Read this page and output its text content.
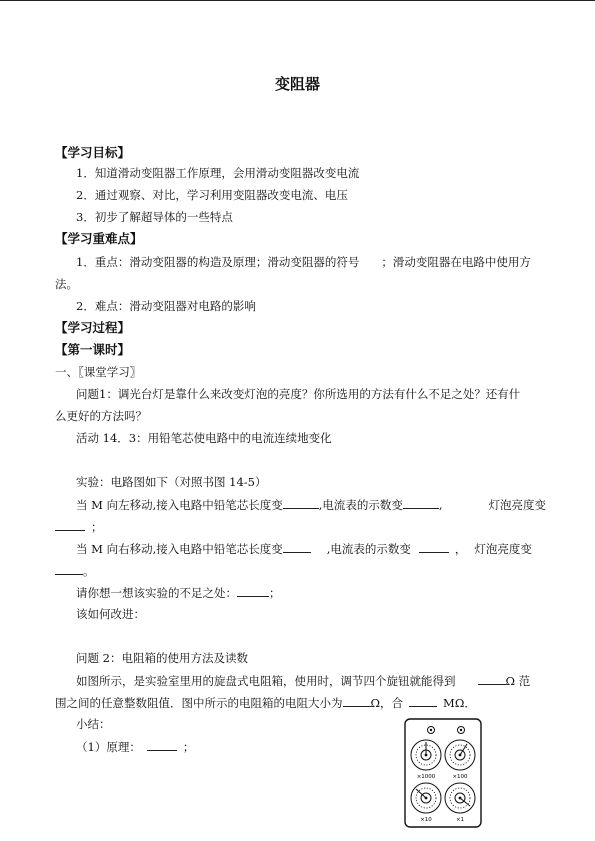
变阻器
【学习目标】
1．知道滑动变阻器工作原理，会用滑动变阻器改变电流
2．通过观察、对比，学习利用变阻器改变电流、电压
3．初步了解超导体的一些特点
【学习重难点】
1．重点：滑动变阻器的构造及原理；滑动变阻器的符号 ；滑动变阻器在电路中使用方
法。
2．难点：滑动变阻器对电路的影响
【学习过程】
【第一课时】
一、〖课堂学习〗
问题1：调光台灯是靠什么来改变灯泡的亮度？你所选用的方法有什么不足之处？还有什
么更好的方法吗？
活动 14．3：用铅笔芯使电路中的电流连续地变化
实验：电路图如下（对照书图 14-5）
当 M 向左移动,接入电路中铅笔芯长度变	,电流表的示数变	,	灯泡亮度变
；
当 M 向右移动,接入电路中铅笔芯长度变	,电流表的示数变	， 灯泡亮度变
。
请你想一想该实验的不足之处：	；
该如何改进：
问题 2：电阻箱的使用方法及读数
如图所示，是实验室里用的旋盘式电阻箱，使用时，调节四个旋钮就能得到	Ω 范
围之间的任意整数阻值．图中所示的电阻箱的电阻大小为 Ω，合	MΩ．
小结：
（1）原理：	；
×1000	×100
×10	×1
